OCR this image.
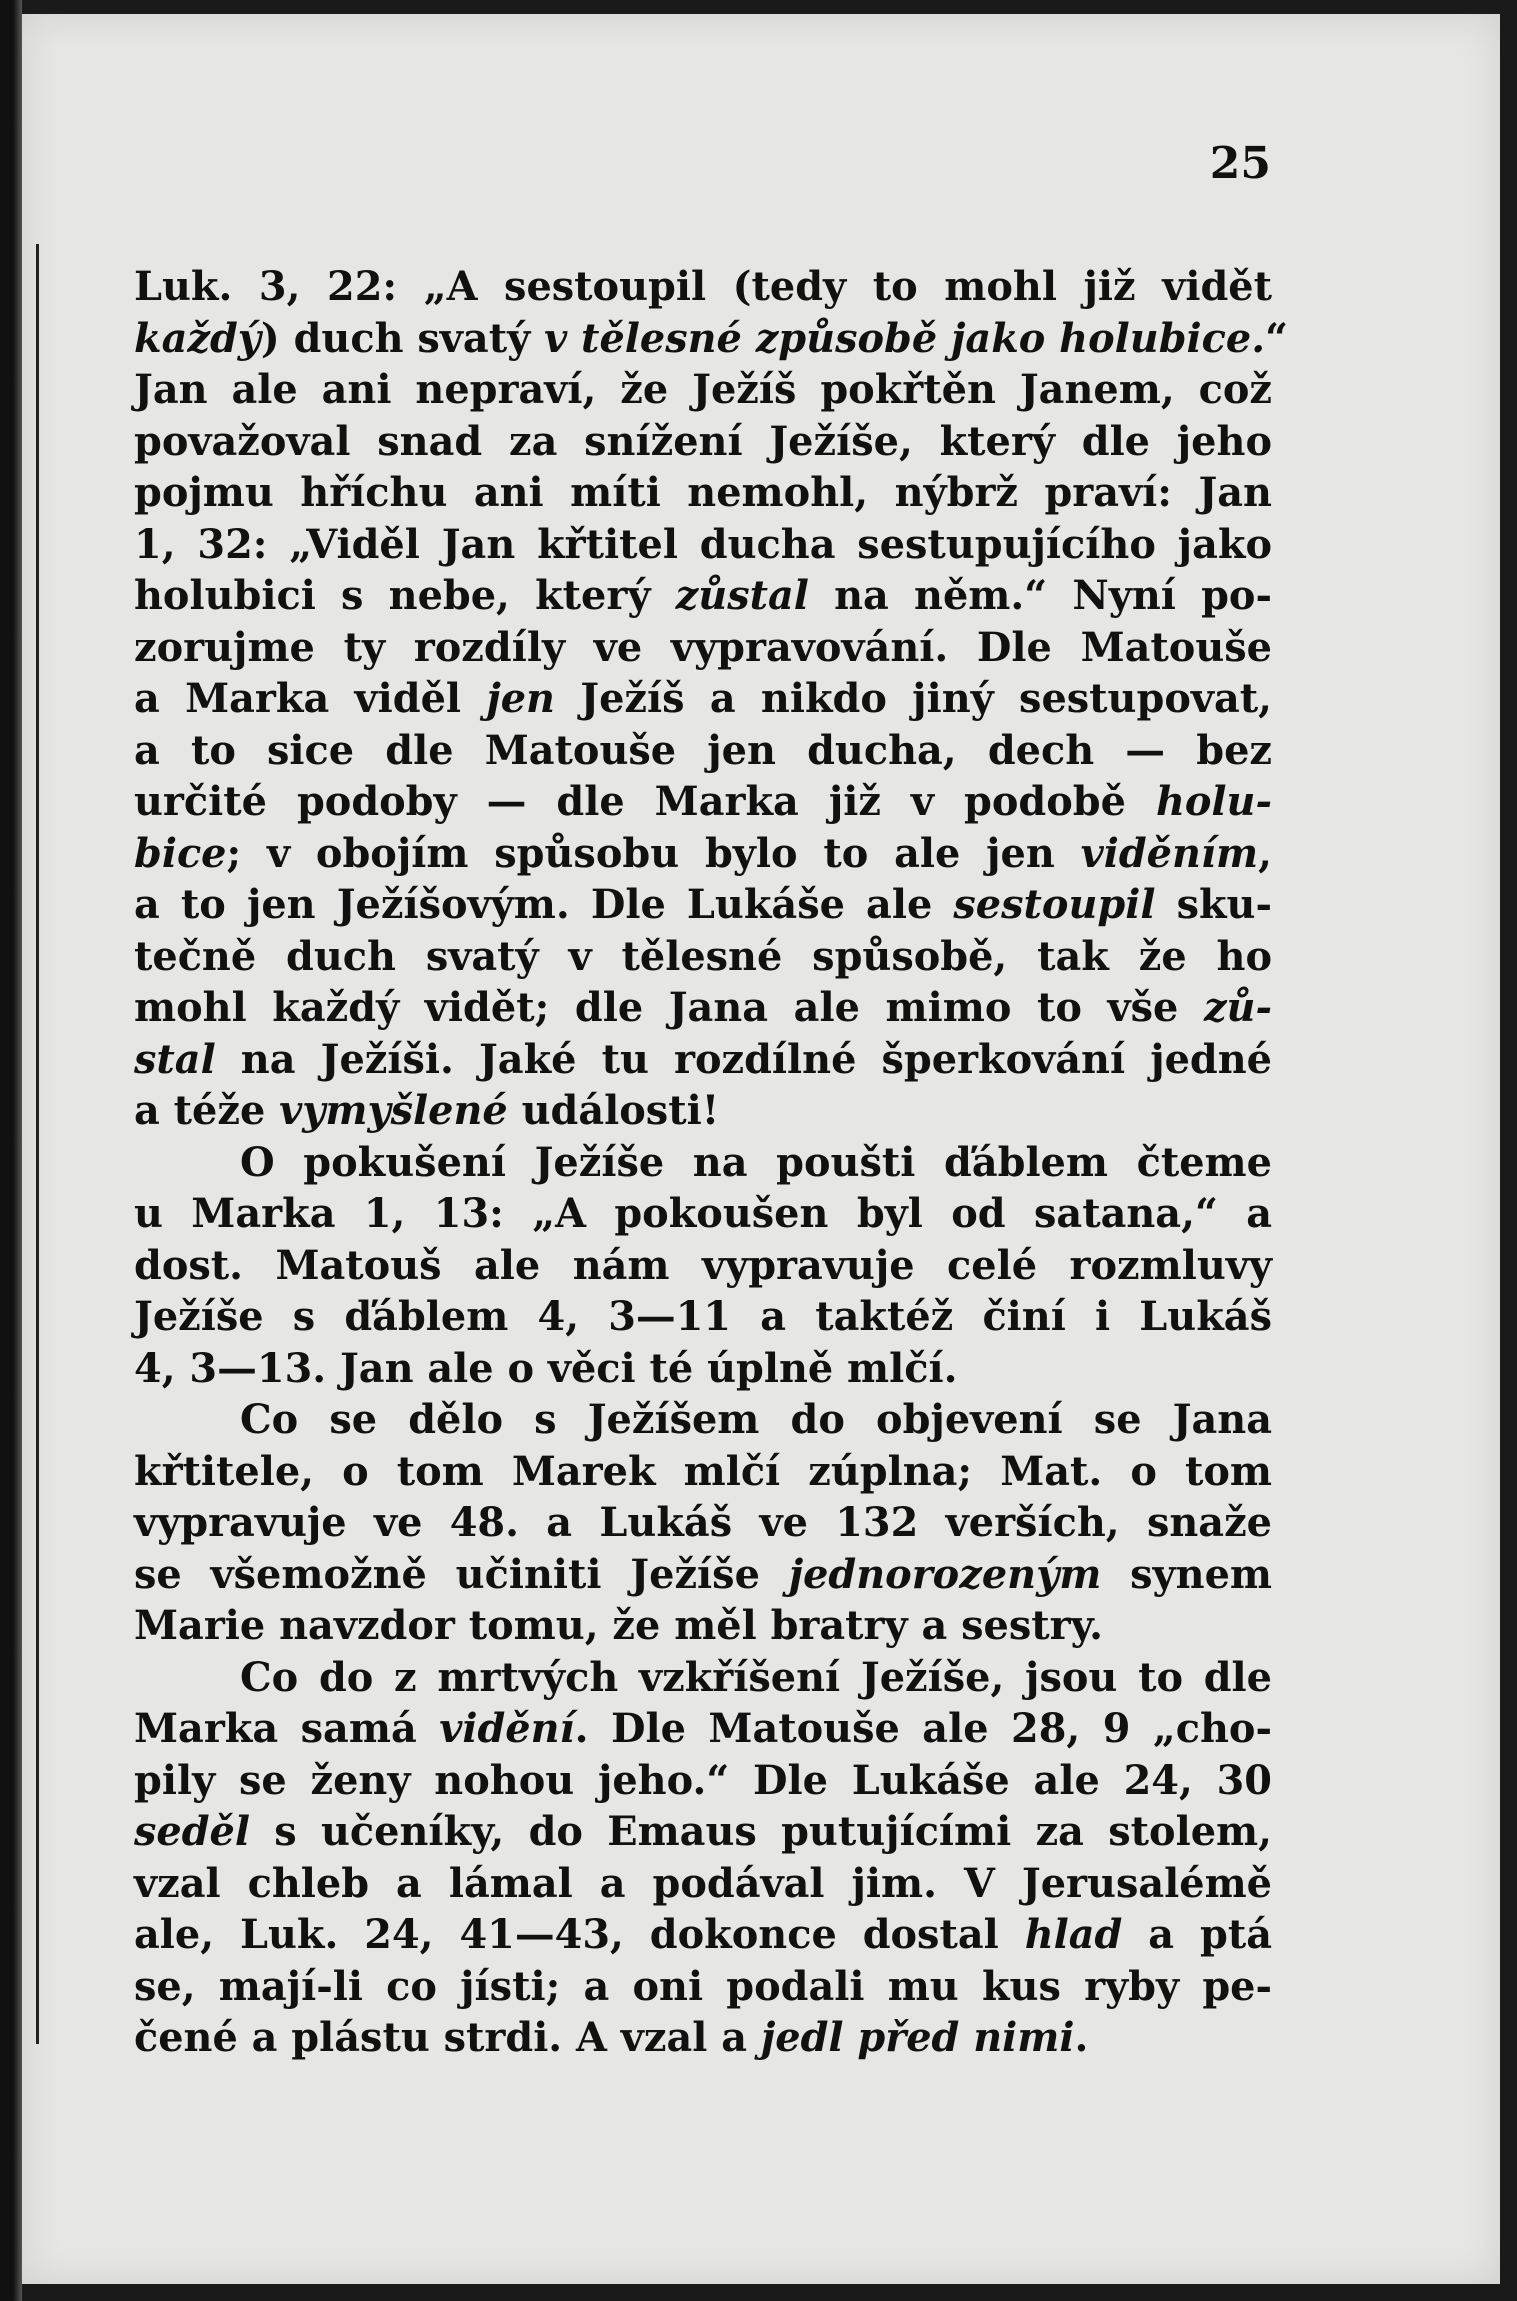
25
Luk. 3, 22: „A sestoupil (tedy to mohl již vidět
každý) duch svatý v tělesné způsobě jako holubice.“
Jan ale ani nepraví, že Ježíš pokřtěn Janem, což
považoval snad za snížení Ježíše, který dle jeho
pojmu hříchu ani míti nemohl, nýbrž praví: Jan
1, 32: „Viděl Jan křtitel ducha sestupujícího jako
holubici s nebe, který zůstal na něm.“ Nyní po-
zorujme ty rozdíly ve vypravování. Dle Matouše
a Marka viděl jen Ježíš a nikdo jiný sestupovat,
a to sice dle Matouše jen ducha, dech — bez
určité podoby — dle Marka již v podobě holu-
bice; v obojím spůsobu bylo to ale jen viděním,
a to jen Ježíšovým. Dle Lukáše ale sestoupil sku-
tečně duch svatý v tělesné spůsobě, tak že ho
mohl každý vidět; dle Jana ale mimo to vše zů-
stal na Ježíši. Jaké tu rozdílné šperkování jedné
a téže vymyšlené události!
O pokušení Ježíše na poušti ďáblem čteme
u Marka 1, 13: „A pokoušen byl od satana,“ a
dost. Matouš ale nám vypravuje celé rozmluvy
Ježíše s ďáblem 4, 3—11 a taktéž činí i Lukáš
4, 3—13. Jan ale o věci té úplně mlčí.
Co se dělo s Ježíšem do objevení se Jana
křtitele, o tom Marek mlčí zúplna; Mat. o tom
vypravuje ve 48. a Lukáš ve 132 verších, snaže
se všemožně učiniti Ježíše jednorozeným synem
Marie navzdor tomu, že měl bratry a sestry.
Co do z mrtvých vzkříšení Ježíše, jsou to dle
Marka samá vidění. Dle Matouše ale 28, 9 „cho-
pily se ženy nohou jeho.“ Dle Lukáše ale 24, 30
seděl s učeníky, do Emaus putujícími za stolem,
vzal chleb a lámal a podával jim. V Jerusalémě
ale, Luk. 24, 41—43, dokonce dostal hlad a ptá
se, mají-li co jísti; a oni podali mu kus ryby pe-
čené a plástu strdi. A vzal a jedl před nimi.
